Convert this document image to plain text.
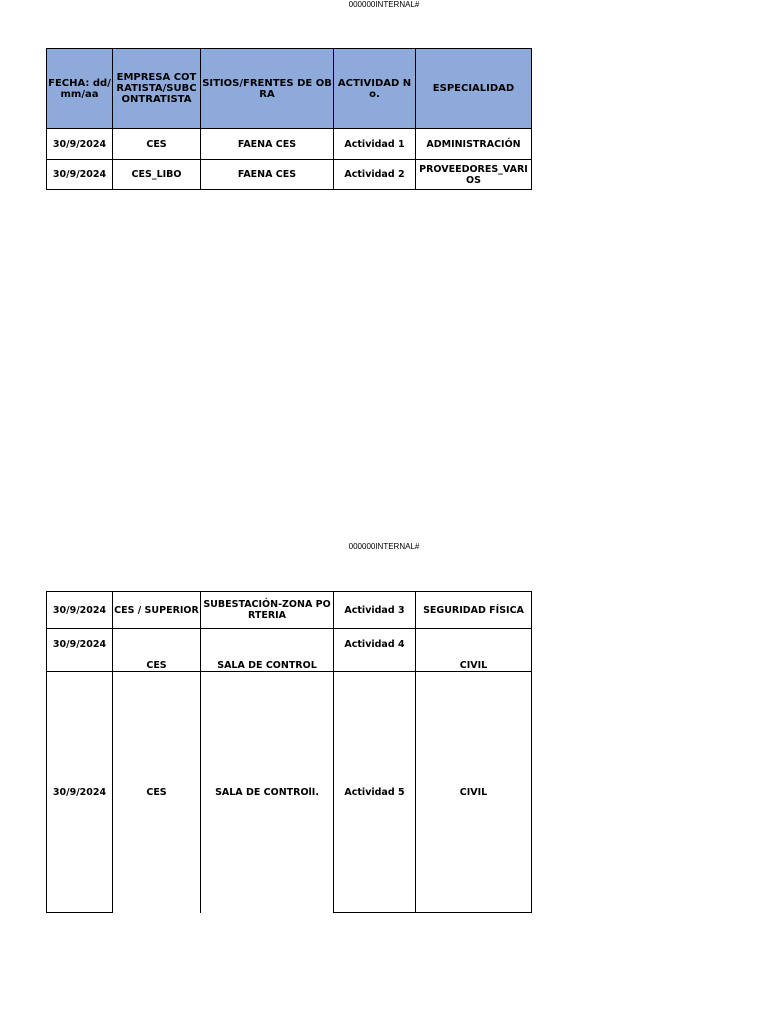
000000INTERNAL#
FECHA: dd/mm/aa	EMPRESA COTRATISTA/SUBCONTRATISTA	SITIOS/FRENTES DE OBRA	ACTIVIDAD No.	ESPECIALIDAD
30/9/2024	CES	FAENA CES	Actividad 1	ADMINISTRACIÓN
30/9/2024	CES_LIBO	FAENA CES	Actividad 2	PROVEEDORES_VARIOS
000000INTERNAL#
30/9/2024	CES / SUPERIOR	SUBESTACIÓN-ZONA PORTERIA	Actividad 3	SEGURIDAD FÍSICA
30/9/2024	CES	SALA DE CONTROL	Actividad 4	CIVIL
30/9/2024	CES	SALA DE CONTROlI.	Actividad 5	CIVIL
